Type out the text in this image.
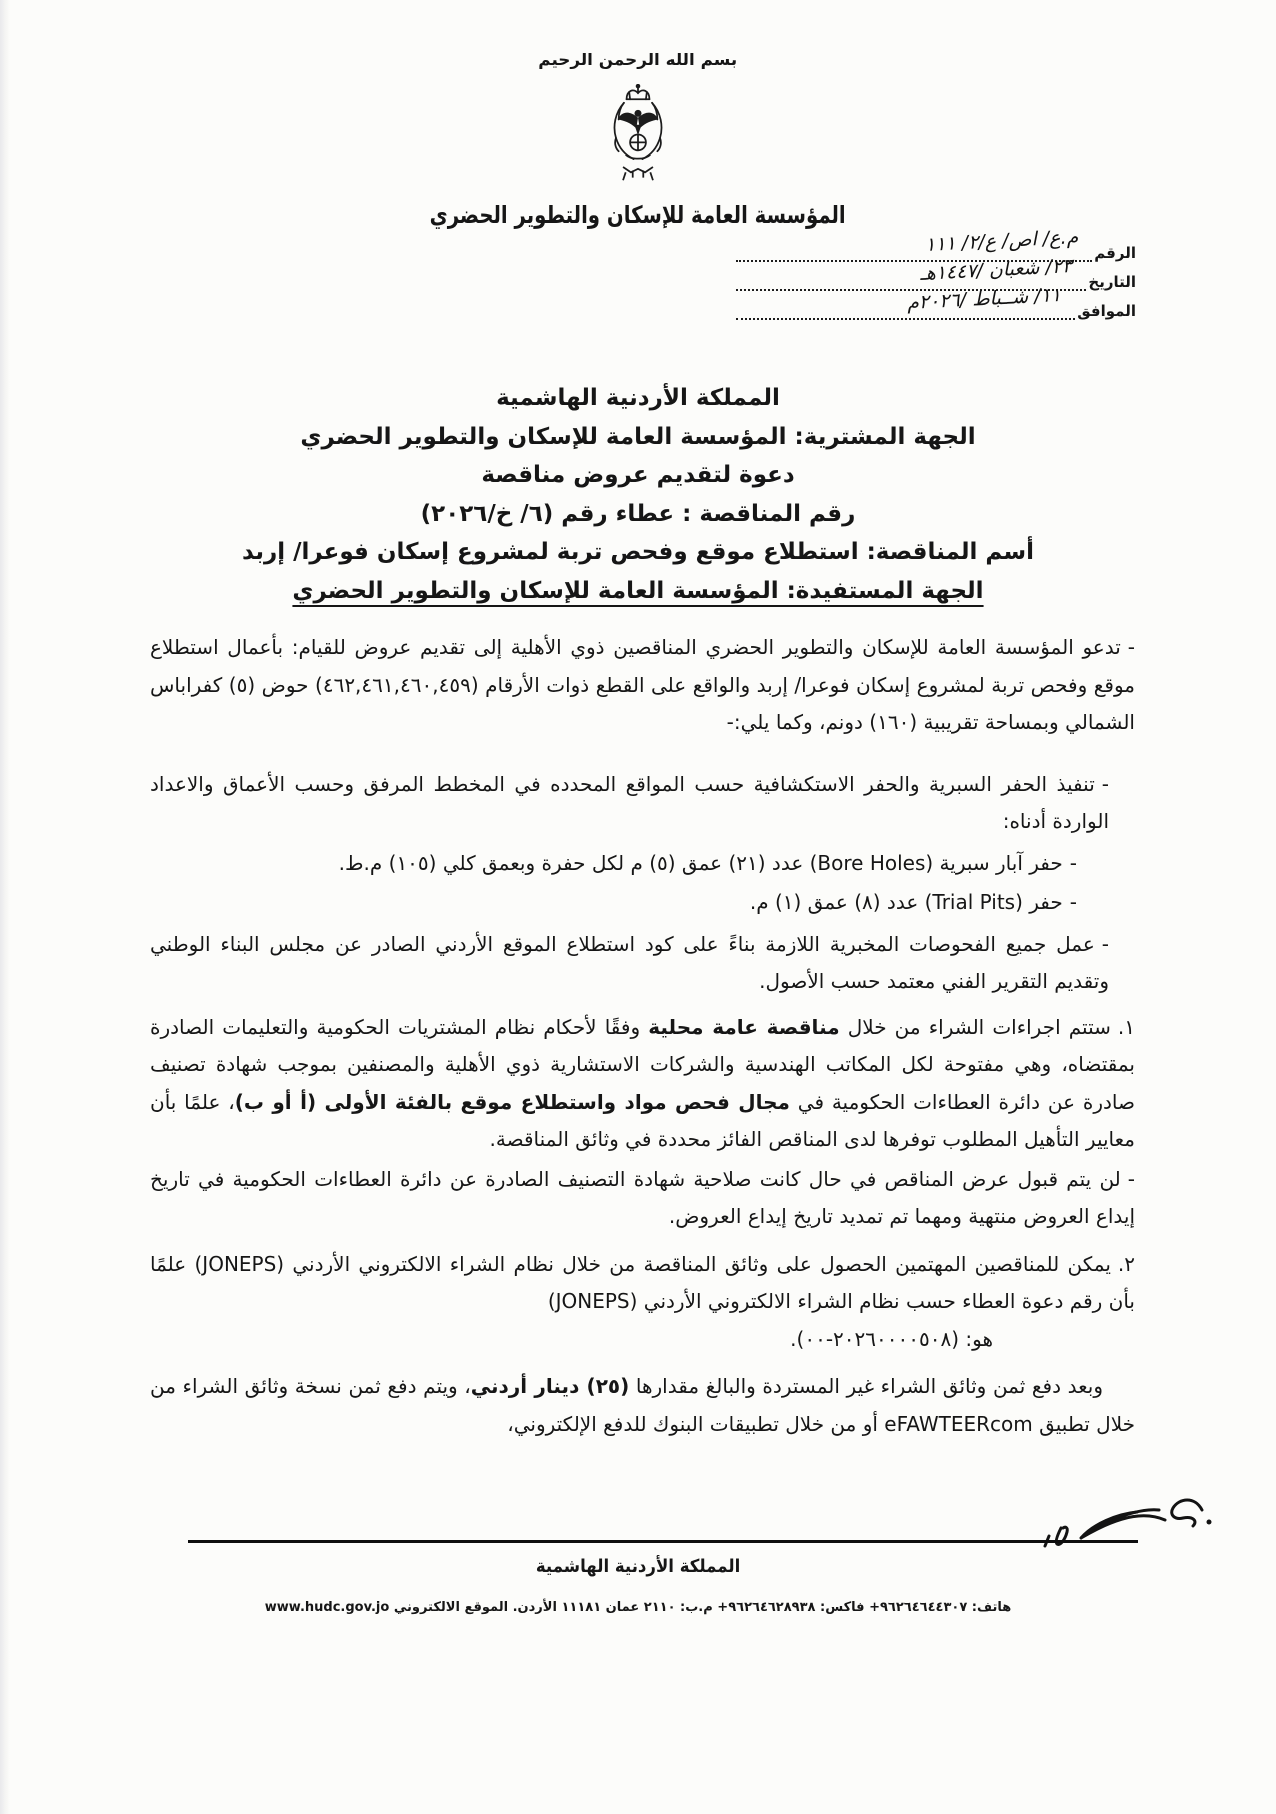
بسم الله الرحمن الرحيم
المؤسسة العامة للإسكان والتطوير الحضري
الرقم
م.ع/ اص/ ع/٢/ ١١١
التاريخ
٢٣/ شعبان /١٤٤٧هـ
الموافق
١١/ شــباط /٢٠٢٦م
المملكة الأردنية الهاشمية
الجهة المشترية: المؤسسة العامة للإسكان والتطوير الحضري
دعوة لتقديم عروض مناقصة
رقم المناقصة : عطاء رقم (٦/ خ/٢٠٢٦)
أسم المناقصة: استطلاع موقع وفحص تربة لمشروع إسكان فوعرا/ إربد
الجهة المستفيدة: المؤسسة العامة للإسكان والتطوير الحضري

-تدعو المؤسسة العامة للإسكان والتطوير الحضري المناقصين ذوي الأهلية إلى تقديم عروض للقيام: بأعمال استطلاع موقع وفحص تربة لمشروع إسكان فوعرا/ إربد والواقع على القطع ذوات الأرقام (٤٦٢,٤٦١,٤٦٠,٤٥٩) حوض (٥) كفراباس الشمالي وبمساحة تقريبية (١٦٠) دونم، وكما يلي:-

-تنفيذ الحفر السبرية والحفر الاستكشافية حسب المواقع المحدده في المخطط المرفق وحسب الأعماق والاعداد الواردة أدناه:

-حفر آبار سبرية (Bore Holes) عدد (٢١) عمق (٥) م لكل حفرة وبعمق كلي (١٠٥) م.ط.

-حفر (Trial Pits) عدد (٨) عمق (١) م.

-عمل جميع الفحوصات المخبرية اللازمة بناءً على كود استطلاع الموقع الأردني الصادر عن مجلس البناء الوطني وتقديم التقرير الفني معتمد حسب الأصول.

١.ستتم اجراءات الشراء من خلال مناقصة عامة محلية وفقًا لأحكام نظام المشتريات الحكومية والتعليمات الصادرة بمقتضاه، وهي مفتوحة لكل المكاتب الهندسية والشركات الاستشارية ذوي الأهلية والمصنفين بموجب شهادة تصنيف صادرة عن دائرة العطاءات الحكومية في مجال فحص مواد واستطلاع موقع بالفئة الأولى (أ أو ب)، علمًا بأن معايير التأهيل المطلوب توفرها لدى المناقص الفائز محددة في وثائق المناقصة.

-لن يتم قبول عرض المناقص في حال كانت صلاحية شهادة التصنيف الصادرة عن دائرة العطاءات الحكومية في تاريخ إيداع العروض منتهية ومهما تم تمديد تاريخ إيداع العروض.

٢.يمكن للمناقصين المهتمين الحصول على وثائق المناقصة من خلال نظام الشراء الالكتروني الأردني (JONEPS) علمًا بأن رقم دعوة العطاء حسب نظام الشراء الالكتروني الأردني (JONEPS)

هو: (٢٠٢٦٠٠٠٠٥٠٨-٠٠).

وبعد دفع ثمن وثائق الشراء غير المستردة والبالغ مقدارها (٢٥) دينار أردني، ويتم دفع ثمن نسخة وثائق الشراء من خلال تطبيق eFAWTEERcom أو من خلال تطبيقات البنوك للدفع الإلكتروني،

المملكة الأردنية الهاشمية
هاتف: ٩٦٢٦٤٦٤٤٣٠٧+ فاكس: ٩٦٢٦٤٦٢٨٩٣٨+ م.ب: ٢١١٠ عمان ١١١٨١ الأردن. الموقع الالكتروني www.hudc.gov.jo
